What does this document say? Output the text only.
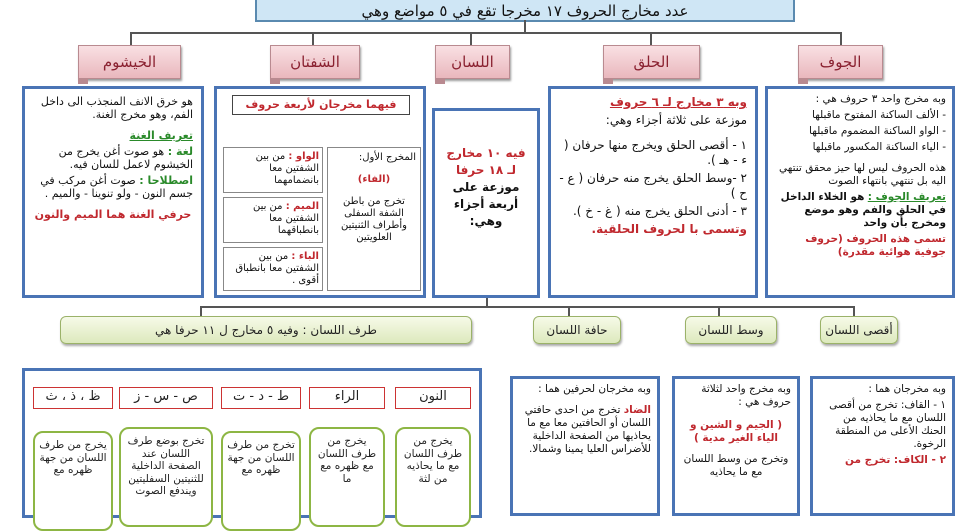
عدد مخارج الحروف ١٧ مخرجا تقع في ٥ مواضع وهي
الجوف
الحلق
اللسان
الشفتان
الخيشوم

وبه مخرج واحد ٣ حروف هي :

- الألف الساكنة المفتوح ماقبلها

- الواو الساكنة المضموم ماقبلها

- الياء الساكنة المكسور ماقبلها

هذه الحروف ليس لها حيز محقق تنتهي اليه بل تنتهي بانتهاء الصوت

تعريف الجوف : هو الخلاء الداخل في الحلق والفم وهو موضع ومخرج بأن واحد

تسمى هذه الحروف (حروف جوفية هوائية مقدرة)

وبه ٣ مخارج لـ ٦ حروف

موزعة على ثلاثة أجزاء وهي:

١ - أقصى الحلق ويخرج منها حرفان ( ء - هـ ).

٢ -وسط الحلق يخرج منه حرفان ( ع - ح )

٣ - أدنى الحلق يخرج منه ( غ - خ ).

وتسمى با لحروف الحلقية.

فيه ١٠ مخارج
لـ ١٨ حرفا
موزعة على
أربعة أجزاء
وهي:
فيهما مخرجان لأربعة حروف
المخرج الأول:
(الفاء)
تخرج من باطن الشفة السفلى وأطراف الثنيتين العلويتين
الواو : من بين الشفتين معا بانضمامهما
الميم : من بين الشفتين معا بانطباقهما
الباء : من بين الشفتين معا بانطباق أقوى .

هو خرق الانف المنجذب الى داخل الفم، وهو مخرج الغنة.

تعريف الغنة

لغة : هو صوت أغن يخرج من الخيشوم لاعمل للسان فيه.

اصطلاحا : صوت أغن مركب في جسم النون - ولو تنوينا - والميم .

حرفي الغنة هما الميم والنون

أقصى اللسان
وسط اللسان
حافة اللسان
طرف اللسان : وفيه ٥ مخارج ل ١١ حرفا هي

وبه مخرجان هما :

١ - القاف: تخرج من أقصى اللسان مع ما يحاذيه من الحنك الأعلى من المنطقة الرخوة.

٢ - الكاف: تخرج من

وبه مخرج واحد لثلاثة حروف هي :

( الجيم و الشين و الياء الغير مدية )

وتخرج من وسط اللسان مع ما يحاذيه

وبه مخرجان لحرفين هما :

الضاد تخرج من احدى حافتي اللسان أو الحافتين معا مع ما يحاذيها من الصفحة الداخلية للأضراس العليا يمينا وشمالا.

النون
الراء
ط - د - ت
ص - س - ز
ظ ، ذ ، ث
يخرج من طرف اللسان مع ما يحاذيه من لثة
يخرج من طرف اللسان مع ظهره مع ما
تخرج من طرف اللسان من جهة ظهره مع
تخرج بوضع طرف اللسان عند الصفحة الداخلية للثنيتين السفليتين ويندفع الصوت
يخرج من طرف اللسان من جهة ظهره مع
